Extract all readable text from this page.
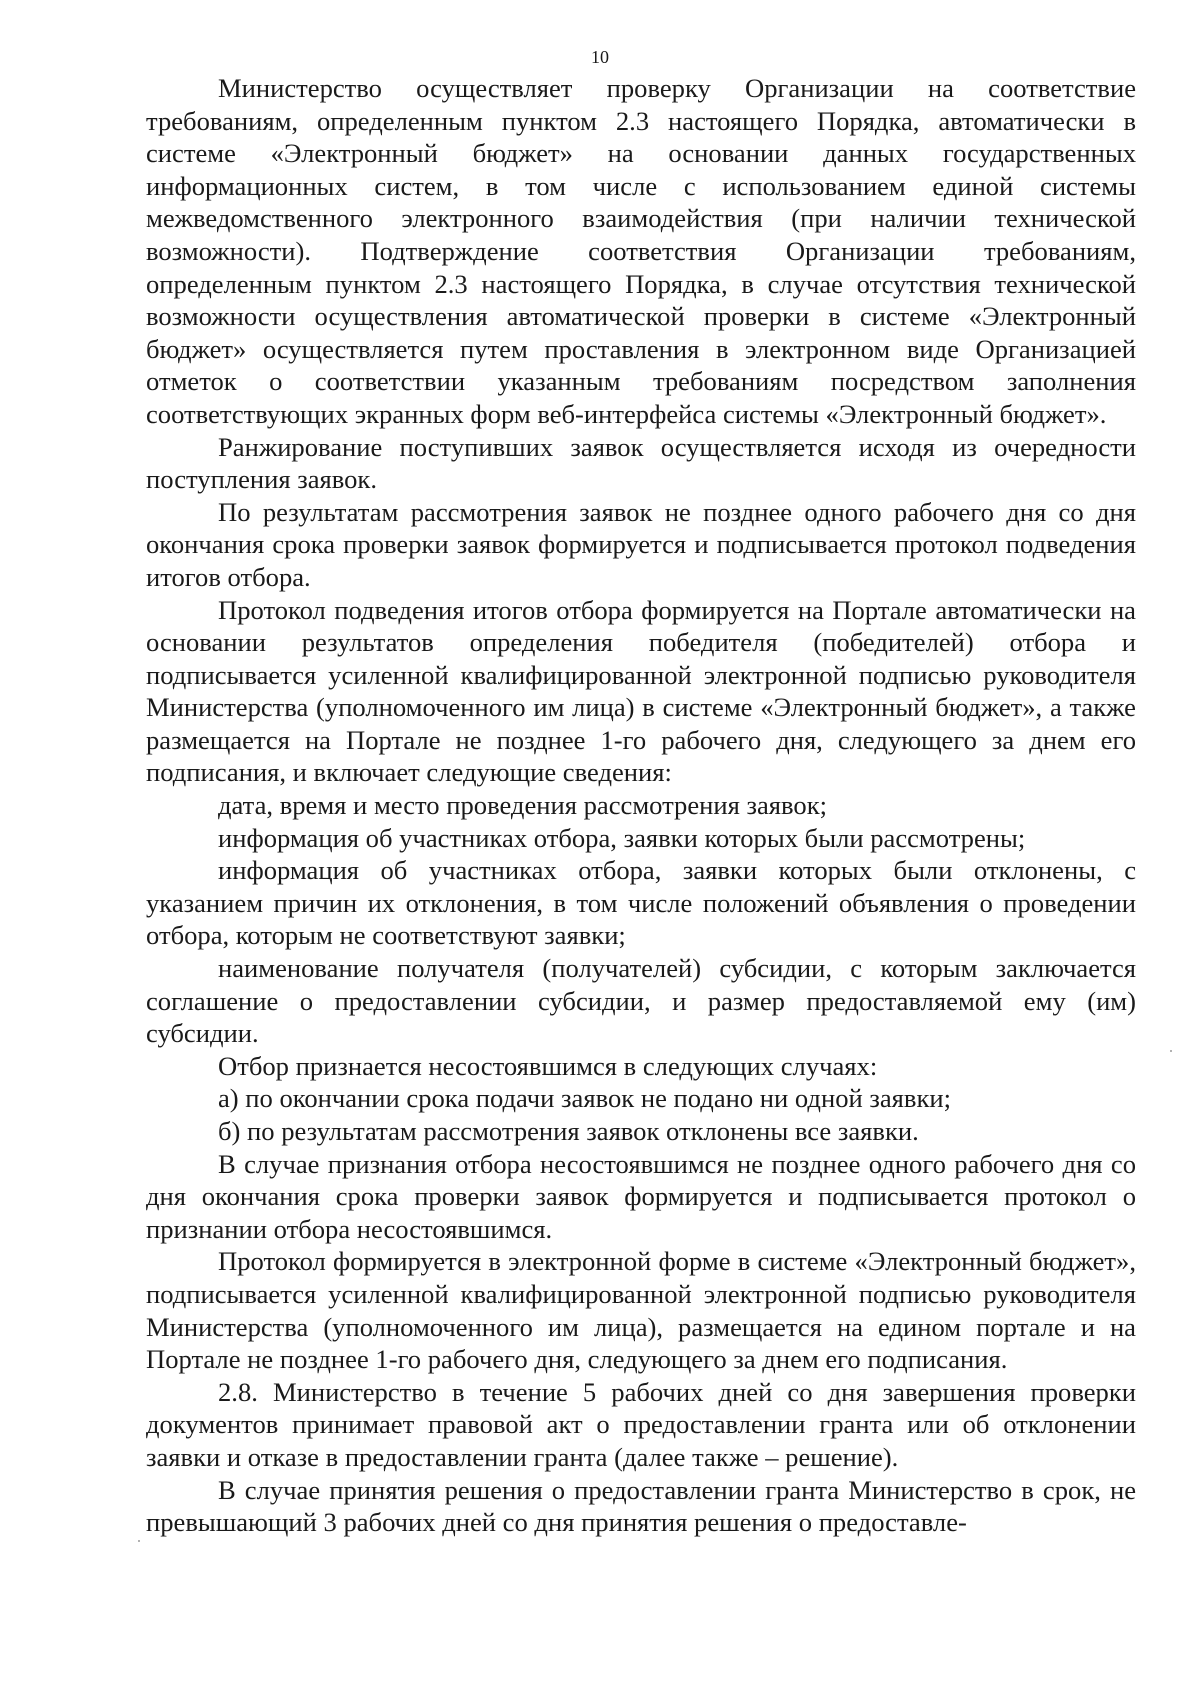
10

Министерство осуществляет проверку Организации на соответствие требованиям, определенным пунктом 2.3 настоящего Порядка, автоматически в системе «Электронный бюджет» на основании данных государственных информационных систем, в том числе с использованием единой системы межведомственного электронного взаимодействия (при наличии технической возможности). Подтверждение соответствия Организации требованиям, определенным пунктом 2.3 настоящего Порядка, в случае отсутствия технической возможности осуществления автоматической проверки в системе «Электронный бюджет» осуществляется путем проставления в электронном виде Организацией отметок о соответствии указанным требованиям посредством заполнения соответствующих экранных форм веб-интерфейса системы «Электронный бюджет».

Ранжирование поступивших заявок осуществляется исходя из очередности поступления заявок.

По результатам рассмотрения заявок не позднее одного рабочего дня со дня окончания срока проверки заявок формируется и подписывается протокол подведения итогов отбора.

Протокол подведения итогов отбора формируется на Портале автоматически на основании результатов определения победителя (победителей) отбора и подписывается усиленной квалифицированной электронной подписью руководителя Министерства (уполномоченного им лица) в системе «Электронный бюджет», а также размещается на Портале не позднее 1-го рабочего дня, следующего за днем его подписания, и включает следующие сведения:

дата, время и место проведения рассмотрения заявок;

информация об участниках отбора, заявки которых были рассмотрены;

информация об участниках отбора, заявки которых были отклонены, с указанием причин их отклонения, в том числе положений объявления о проведении отбора, которым не соответствуют заявки;

наименование получателя (получателей) субсидии, с которым заключается соглашение о предоставлении субсидии, и размер предоставляемой ему (им) субсидии.

Отбор признается несостоявшимся в следующих случаях:

а) по окончании срока подачи заявок не подано ни одной заявки;

б) по результатам рассмотрения заявок отклонены все заявки.

В случае признания отбора несостоявшимся не позднее одного рабочего дня со дня окончания срока проверки заявок формируется и подписывается протокол о признании отбора несостоявшимся.

Протокол формируется в электронной форме в системе «Электронный бюджет», подписывается усиленной квалифицированной электронной подписью руководителя Министерства (уполномоченного им лица), размещается на едином портале и на Портале не позднее 1-го рабочего дня, следующего за днем его подписания.

2.8. Министерство в течение 5 рабочих дней со дня завершения проверки документов принимает правовой акт о предоставлении гранта или об отклонении заявки и отказе в предоставлении гранта (далее также – решение).

В случае принятия решения о предоставлении гранта Министерство в срок, не превышающий 3 рабочих дней со дня принятия решения о предоставле-
